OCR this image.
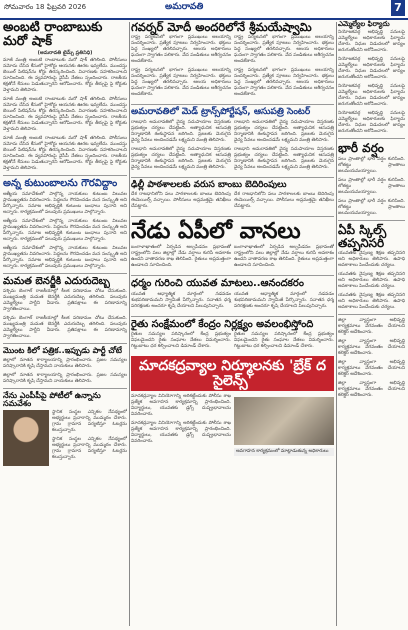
సోమవారం 18 ఫిబ్రవరి 2026	అమరావతి	7
అంబటి రాంబాబుకు మరో షాక్
(అమరావతి టైమ్స్ ప్రతినిధి)

మాజీ మంత్రి అంబటి రాంబాబుకు మరో షాక్ తగిలింది. పోలీసులు నమోదు చేసిన కేసులో హైకోర్టు ఆయనకు ఊరట ఇవ్వలేదు. ముందస్తు బెయిల్ పిటిషన్‌ను కోర్టు తిరస్కరించింది. విచారణకు సహకరించాలని సూచించింది. ఈ వ్యవహారంపై వైసీపీ నేతలు స్పందించారు. రాజకీయ కక్షతోనే కేసులు పెడుతున్నారని ఆరోపించారు. కోర్టు తీర్పుపై పై కోర్టుకు వెళ్తామని తెలిపారు.

మాజీ మంత్రి అంబటి రాంబాబుకు మరో షాక్ తగిలింది. పోలీసులు నమోదు చేసిన కేసులో హైకోర్టు ఆయనకు ఊరట ఇవ్వలేదు. ముందస్తు బెయిల్ పిటిషన్‌ను కోర్టు తిరస్కరించింది. విచారణకు సహకరించాలని సూచించింది. ఈ వ్యవహారంపై వైసీపీ నేతలు స్పందించారు. రాజకీయ కక్షతోనే కేసులు పెడుతున్నారని ఆరోపించారు. కోర్టు తీర్పుపై పై కోర్టుకు వెళ్తామని తెలిపారు.

మాజీ మంత్రి అంబటి రాంబాబుకు మరో షాక్ తగిలింది. పోలీసులు నమోదు చేసిన కేసులో హైకోర్టు ఆయనకు ఊరట ఇవ్వలేదు. ముందస్తు బెయిల్ పిటిషన్‌ను కోర్టు తిరస్కరించింది. విచారణకు సహకరించాలని సూచించింది. ఈ వ్యవహారంపై వైసీపీ నేతలు స్పందించారు. రాజకీయ కక్షతోనే కేసులు పెడుతున్నారని ఆరోపించారు. కోర్టు తీర్పుపై పై కోర్టుకు వెళ్తామని తెలిపారు.

అన్న కుటుంబాలను గౌరవిద్దాం

ఆత్మీయ సమావేశంలో పాల్గొన్న నాయకులు కుటుంబ విలువల ప్రాముఖ్యతను వివరించారు. పెద్దలను గౌరవించడం మన సంస్కృతి అని పేర్కొన్నారు. సమాజ అభివృద్ధికి కుటుంబ బంధాలు పునాది అని అన్నారు. కార్యక్రమంలో పలువురు ప్రముఖులు పాల్గొన్నారు.

ఆత్మీయ సమావేశంలో పాల్గొన్న నాయకులు కుటుంబ విలువల ప్రాముఖ్యతను వివరించారు. పెద్దలను గౌరవించడం మన సంస్కృతి అని పేర్కొన్నారు. సమాజ అభివృద్ధికి కుటుంబ బంధాలు పునాది అని అన్నారు. కార్యక్రమంలో పలువురు ప్రముఖులు పాల్గొన్నారు.

ఆత్మీయ సమావేశంలో పాల్గొన్న నాయకులు కుటుంబ విలువల ప్రాముఖ్యతను వివరించారు. పెద్దలను గౌరవించడం మన సంస్కృతి అని పేర్కొన్నారు. సమాజ అభివృద్ధికి కుటుంబ బంధాలు పునాది అని అన్నారు. కార్యక్రమంలో పలువురు ప్రముఖులు పాల్గొన్నారు.

మమత బెనర్జీకి ఎదురుదెబ్బ

పశ్చిమ బెంగాల్ రాజకీయాల్లో కీలక పరిణామం చోటు చేసుకుంది. ముఖ్యమంత్రి మమత బెనర్జీకి ఎదురుదెబ్బ తగిలింది. పలువురు ఎమ్మెల్యేలు పార్టీని వీడారు. ప్రతిపక్షాలు ఈ పరిణామాన్ని స్వాగతించాయి.

పశ్చిమ బెంగాల్ రాజకీయాల్లో కీలక పరిణామం చోటు చేసుకుంది. ముఖ్యమంత్రి మమత బెనర్జీకి ఎదురుదెబ్బ తగిలింది. పలువురు ఎమ్మెల్యేలు పార్టీని వీడారు. ప్రతిపక్షాలు ఈ పరిణామాన్ని స్వాగతించాయి.

మొంట కిలో పత్రిక..ఇప్పుడు పార్టీ చోటే

జిల్లాలో నూతన కార్యాలయాన్ని ప్రారంభించారు. ప్రజల సమస్యల పరిష్కారానికి కృషి చేస్తామని నాయకులు తెలిపారు.

జిల్లాలో నూతన కార్యాలయాన్ని ప్రారంభించారు. ప్రజల సమస్యల పరిష్కారానికి కృషి చేస్తామని నాయకులు తెలిపారు.

నేను ఎంపీపీపై పోటీలో ఉన్నాను సమవేశం

స్థానిక సంస్థల ఎన్నికల నేపథ్యంలో అభ్యర్థులు ప్రచారాన్ని ముమ్మరం చేశారు. గ్రామ గ్రామాన పర్యటిస్తూ ఓటర్లను కలుస్తున్నారు.

స్థానిక సంస్థల ఎన్నికల నేపథ్యంలో అభ్యర్థులు ప్రచారాన్ని ముమ్మరం చేశారు. గ్రామ గ్రామాన పర్యటిస్తూ ఓటర్లను కలుస్తున్నారు.

గవర్నర్ మోదీ అందరిలోనే శ్రీమయేష్వామి

రాష్ట్ర పర్యటనలో భాగంగా ప్రముఖులు ఆలయాన్ని సందర్శించారు. ప్రత్యేక పూజలు నిర్వహించారు. భక్తులు పెద్ద సంఖ్యలో తరలివచ్చారు. ఆలయ అధికారులు ఘనంగా స్వాగతం పలికారు. వేద పండితులు ఆశీర్వచనం అందజేశారు.

రాష్ట్ర పర్యటనలో భాగంగా ప్రముఖులు ఆలయాన్ని సందర్శించారు. ప్రత్యేక పూజలు నిర్వహించారు. భక్తులు పెద్ద సంఖ్యలో తరలివచ్చారు. ఆలయ అధికారులు ఘనంగా స్వాగతం పలికారు. వేద పండితులు ఆశీర్వచనం అందజేశారు.

రాష్ట్ర పర్యటనలో భాగంగా ప్రముఖులు ఆలయాన్ని సందర్శించారు. ప్రత్యేక పూజలు నిర్వహించారు. భక్తులు పెద్ద సంఖ్యలో తరలివచ్చారు. ఆలయ అధికారులు ఘనంగా స్వాగతం పలికారు. వేద పండితులు ఆశీర్వచనం అందజేశారు.

రాష్ట్ర పర్యటనలో భాగంగా ప్రముఖులు ఆలయాన్ని సందర్శించారు. ప్రత్యేక పూజలు నిర్వహించారు. భక్తులు పెద్ద సంఖ్యలో తరలివచ్చారు. ఆలయ అధికారులు ఘనంగా స్వాగతం పలికారు. వేద పండితులు ఆశీర్వచనం అందజేశారు.

అమరావతిలో మెడ్ ట్రాన్స్‌పోర్టేషన్, ఆసుపత్రి సెంటర్

రాజధాని అమరావతిలో వైద్య సదుపాయాల విస్తరణకు ప్రభుత్వం చర్యలు చేపట్టింది. అత్యాధునిక ఆసుపత్రి నిర్మాణానికి శంకుస్థాపన జరిగింది. ప్రజలకు మెరుగైన వైద్య సేవలు అందించడమే లక్ష్యమని మంత్రి తెలిపారు.

రాజధాని అమరావతిలో వైద్య సదుపాయాల విస్తరణకు ప్రభుత్వం చర్యలు చేపట్టింది. అత్యాధునిక ఆసుపత్రి నిర్మాణానికి శంకుస్థాపన జరిగింది. ప్రజలకు మెరుగైన వైద్య సేవలు అందించడమే లక్ష్యమని మంత్రి తెలిపారు.

రాజధాని అమరావతిలో వైద్య సదుపాయాల విస్తరణకు ప్రభుత్వం చర్యలు చేపట్టింది. అత్యాధునిక ఆసుపత్రి నిర్మాణానికి శంకుస్థాపన జరిగింది. ప్రజలకు మెరుగైన వైద్య సేవలు అందించడమే లక్ష్యమని మంత్రి తెలిపారు.

రాజధాని అమరావతిలో వైద్య సదుపాయాల విస్తరణకు ప్రభుత్వం చర్యలు చేపట్టింది. అత్యాధునిక ఆసుపత్రి నిర్మాణానికి శంకుస్థాపన జరిగింది. ప్రజలకు మెరుగైన వైద్య సేవలు అందించడమే లక్ష్యమని మంత్రి తెలిపారు.

ఢిల్లీ పాఠశాలలకు వరుస బాంబు బెదిరింపులు

దేశ రాజధానిలోని పలు పాఠశాలలకు బాంబు బెదిరింపు ఈమెయిల్స్ వచ్చాయి. పోలీసులు అప్రమత్తమై తనిఖీలు చేపట్టారు.

దేశ రాజధానిలోని పలు పాఠశాలలకు బాంబు బెదిరింపు ఈమెయిల్స్ వచ్చాయి. పోలీసులు అప్రమత్తమై తనిఖీలు చేపట్టారు.

నేడు ఏపీలో వానలు

బంగాళాఖాతంలో ఏర్పడిన అల్పపీడనం ప్రభావంతో రాష్ట్రంలోని పలు జిల్లాల్లో నేడు వర్షాలు కురిసే అవకాశం ఉందని వాతావరణ శాఖ తెలిపింది. రైతులు అప్రమత్తంగా ఉండాలని సూచించింది.

బంగాళాఖాతంలో ఏర్పడిన అల్పపీడనం ప్రభావంతో రాష్ట్రంలోని పలు జిల్లాల్లో నేడు వర్షాలు కురిసే అవకాశం ఉందని వాతావరణ శాఖ తెలిపింది. రైతులు అప్రమత్తంగా ఉండాలని సూచించింది.

ధర్మం గురించి యువత మాటలు..ఆనందకరం

యువత ఆధ్యాత్మిక మార్గంలో నడవడం శుభపరిణామమని స్వామీజీ పేర్కొన్నారు. సనాతన ధర్మ పరిరక్షణకు అందరూ కృషి చేయాలని పిలుపునిచ్చారు.

యువత ఆధ్యాత్మిక మార్గంలో నడవడం శుభపరిణామమని స్వామీజీ పేర్కొన్నారు. సనాతన ధర్మ పరిరక్షణకు అందరూ కృషి చేయాలని పిలుపునిచ్చారు.

రైతు సంక్షేమంలో కేంద్రం నిర్లక్ష్యం అవలంభిస్తోంది

రైతుల సమస్యల పరిష్కారంలో కేంద్ర ప్రభుత్వం విఫలమైందని రైతు సంఘాల నేతలు విమర్శించారు. గిట్టుబాటు ధర కల్పించాలని డిమాండ్ చేశారు.

రైతుల సమస్యల పరిష్కారంలో కేంద్ర ప్రభుత్వం విఫలమైందని రైతు సంఘాల నేతలు విమర్శించారు. గిట్టుబాటు ధర కల్పించాలని డిమాండ్ చేశారు.

మాదకద్రవ్యాల నిర్మూలనకు 'బ్రేక్ ద సైలెన్స్'

మాదకద్రవ్యాల వినియోగాన్ని అరికట్టేందుకు పోలీసు శాఖ ప్రత్యేక అవగాహన కార్యక్రమాన్ని ప్రారంభించింది. విద్యార్థులు, యువతకు డ్రగ్స్ దుష్ప్రభావాలను వివరించారు.

మాదకద్రవ్యాల వినియోగాన్ని అరికట్టేందుకు పోలీసు శాఖ ప్రత్యేక అవగాహన కార్యక్రమాన్ని ప్రారంభించింది. విద్యార్థులు, యువతకు డ్రగ్స్ దుష్ప్రభావాలను వివరించారు.

అవగాహన కార్యక్రమంలో మాట్లాడుతున్న అధికారులు
ఎమ్మెల్యేల ఫిర్యాదు

నియోజకవర్గ అభివృద్ధి పనులపై ఎమ్మెల్యేలు అధికారులకు ఫిర్యాదు చేశారు. నిధుల విడుదలలో జాప్యం జరుగుతోందని ఆరోపించారు.

నియోజకవర్గ అభివృద్ధి పనులపై ఎమ్మెల్యేలు అధికారులకు ఫిర్యాదు చేశారు. నిధుల విడుదలలో జాప్యం జరుగుతోందని ఆరోపించారు.

నియోజకవర్గ అభివృద్ధి పనులపై ఎమ్మెల్యేలు అధికారులకు ఫిర్యాదు చేశారు. నిధుల విడుదలలో జాప్యం జరుగుతోందని ఆరోపించారు.

నియోజకవర్గ అభివృద్ధి పనులపై ఎమ్మెల్యేలు అధికారులకు ఫిర్యాదు చేశారు. నిధుల విడుదలలో జాప్యం జరుగుతోందని ఆరోపించారు.

భారీ వర్షం

పలు ప్రాంతాల్లో భారీ వర్షం కురిసింది. లోతట్టు ప్రాంతాలు జలమయమయ్యాయి.

పలు ప్రాంతాల్లో భారీ వర్షం కురిసింది. లోతట్టు ప్రాంతాలు జలమయమయ్యాయి.

పలు ప్రాంతాల్లో భారీ వర్షం కురిసింది. లోతట్టు ప్రాంతాలు జలమయమయ్యాయి.

ఏపీ స్కిల్స్ తప్పనిసరి

యువతకు నైపుణ్య శిక్షణ తప్పనిసరి అని అధికారులు తెలిపారు. ఉపాధి అవకాశాలు పెంచేందుకు చర్యలు.

యువతకు నైపుణ్య శిక్షణ తప్పనిసరి అని అధికారులు తెలిపారు. ఉపాధి అవకాశాలు పెంచేందుకు చర్యలు.

యువతకు నైపుణ్య శిక్షణ తప్పనిసరి అని అధికారులు తెలిపారు. ఉపాధి అవకాశాలు పెంచేందుకు చర్యలు.

జిల్లా వ్యాప్తంగా అభివృద్ధి కార్యక్రమాలు వేగవంతం చేయాలని కలెక్టర్ ఆదేశించారు.

జిల్లా వ్యాప్తంగా అభివృద్ధి కార్యక్రమాలు వేగవంతం చేయాలని కలెక్టర్ ఆదేశించారు.

జిల్లా వ్యాప్తంగా అభివృద్ధి కార్యక్రమాలు వేగవంతం చేయాలని కలెక్టర్ ఆదేశించారు.

జిల్లా వ్యాప్తంగా అభివృద్ధి కార్యక్రమాలు వేగవంతం చేయాలని కలెక్టర్ ఆదేశించారు.
